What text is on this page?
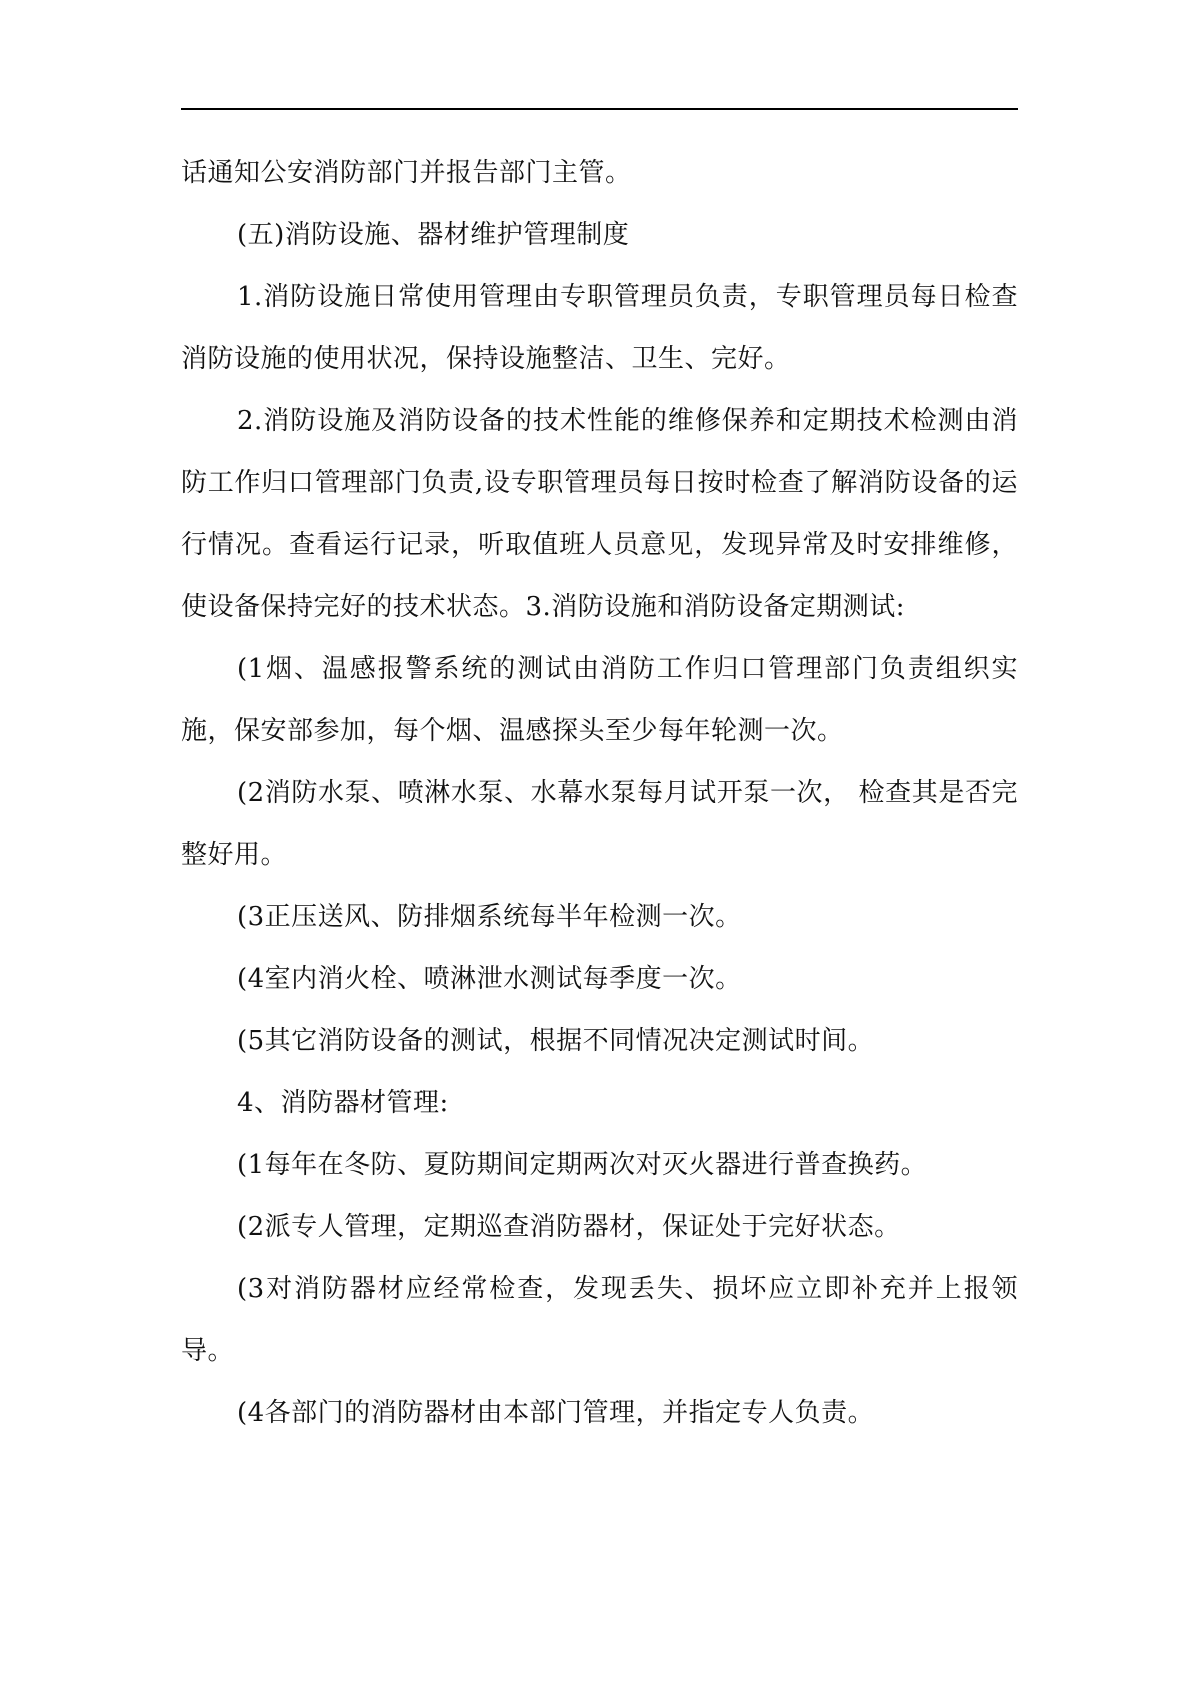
话通知公安消防部门并报告部门主管。

(五)消防设施、器材维护管理制度

1.消防设施日常使用管理由专职管理员负责，专职管理员每日检查消防设施的使用状况，保持设施整洁、卫生、完好。

2.消防设施及消防设备的技术性能的维修保养和定期技术检测由消防工作归口管理部门负责,设专职管理员每日按时检查了解消防设备的运行情况。查看运行记录，听取值班人员意见，发现异常及时安排维修，使设备保持完好的技术状态。3.消防设施和消防设备定期测试:

(1烟、温感报警系统的测试由消防工作归口管理部门负责组织实施，保安部参加，每个烟、温感探头至少每年轮测一次。

(2消防水泵、喷淋水泵、水幕水泵每月试开泵一次， 检查其是否完整好用。

(3正压送风、防排烟系统每半年检测一次。

(4室内消火栓、喷淋泄水测试每季度一次。

(5其它消防设备的测试，根据不同情况决定测试时间。

4、消防器材管理:

(1每年在冬防、夏防期间定期两次对灭火器进行普查换药。

(2派专人管理，定期巡查消防器材，保证处于完好状态。

(3对消防器材应经常检查，发现丢失、损坏应立即补充并上报领导。

(4各部门的消防器材由本部门管理，并指定专人负责。
